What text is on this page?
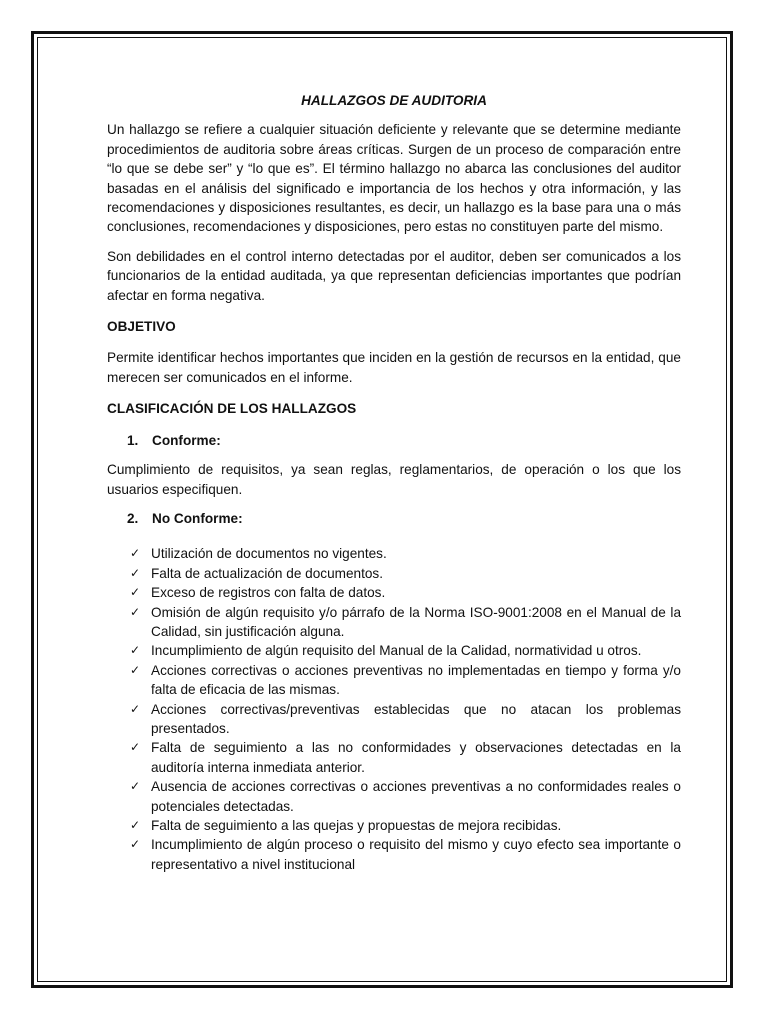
HALLAZGOS DE AUDITORIA

Un hallazgo se refiere a cualquier situación deficiente y relevante que se determine mediante procedimientos de auditoria sobre áreas críticas. Surgen de un proceso de comparación entre “lo que se debe ser” y “lo que es”. El término hallazgo no abarca las conclusiones del auditor basadas en el análisis del significado e importancia de los hechos y otra información, y las recomendaciones y disposiciones resultantes, es decir, un hallazgo es la base para una o más conclusiones, recomendaciones y disposiciones, pero estas no constituyen parte del mismo.

Son debilidades en el control interno detectadas por el auditor, deben ser comunicados a los funcionarios de la entidad auditada, ya que representan deficiencias importantes que podrían afectar en forma negativa.

OBJETIVO

Permite identificar hechos importantes que inciden en la gestión de recursos en la entidad, que merecen ser comunicados en el informe.

CLASIFICACIÓN DE LOS HALLAZGOS
1. Conforme:

Cumplimiento de requisitos, ya sean reglas, reglamentarios, de operación o los que los usuarios especifiquen.

2. No Conforme:
✓ Utilización de documentos no vigentes.
✓ Falta de actualización de documentos.
✓ Exceso de registros con falta de datos.
✓ Omisión de algún requisito y/o párrafo de la Norma ISO-9001:2008 en el Manual de la Calidad, sin justificación alguna.
✓ Incumplimiento de algún requisito del Manual de la Calidad, normatividad u otros.
✓ Acciones correctivas o acciones preventivas no implementadas en tiempo y forma y/o falta de eficacia de las mismas.
✓ Acciones correctivas/preventivas establecidas que no atacan los problemas presentados.
✓ Falta de seguimiento a las no conformidades y observaciones detectadas en la auditoría interna inmediata anterior.
✓ Ausencia de acciones correctivas o acciones preventivas a no conformidades reales o potenciales detectadas.
✓ Falta de seguimiento a las quejas y propuestas de mejora recibidas.
✓ Incumplimiento de algún proceso o requisito del mismo y cuyo efecto sea importante o representativo a nivel institucional
